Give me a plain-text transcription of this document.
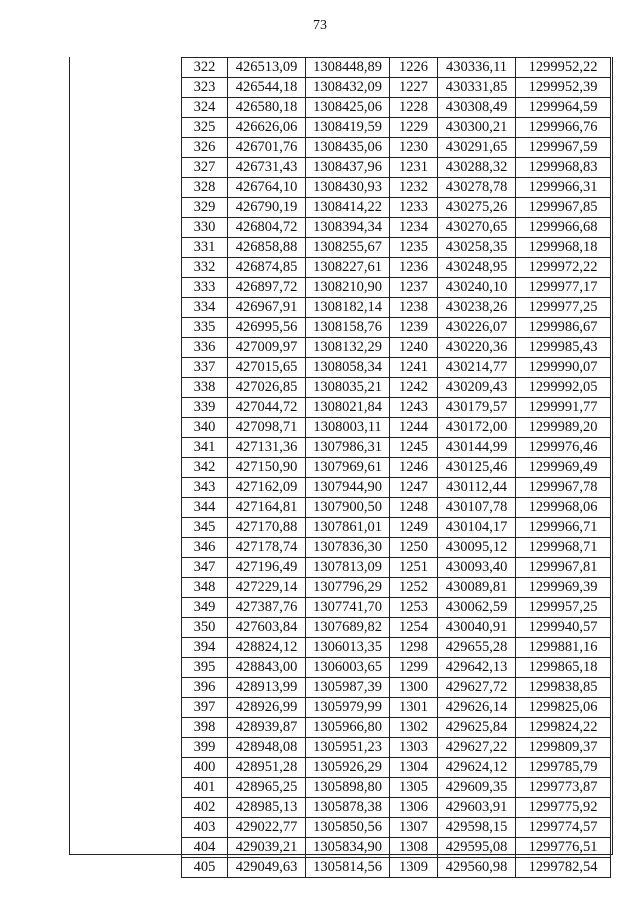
73
322	426513,09	1308448,89	1226	430336,11	1299952,22
323	426544,18	1308432,09	1227	430331,85	1299952,39
324	426580,18	1308425,06	1228	430308,49	1299964,59
325	426626,06	1308419,59	1229	430300,21	1299966,76
326	426701,76	1308435,06	1230	430291,65	1299967,59
327	426731,43	1308437,96	1231	430288,32	1299968,83
328	426764,10	1308430,93	1232	430278,78	1299966,31
329	426790,19	1308414,22	1233	430275,26	1299967,85
330	426804,72	1308394,34	1234	430270,65	1299966,68
331	426858,88	1308255,67	1235	430258,35	1299968,18
332	426874,85	1308227,61	1236	430248,95	1299972,22
333	426897,72	1308210,90	1237	430240,10	1299977,17
334	426967,91	1308182,14	1238	430238,26	1299977,25
335	426995,56	1308158,76	1239	430226,07	1299986,67
336	427009,97	1308132,29	1240	430220,36	1299985,43
337	427015,65	1308058,34	1241	430214,77	1299990,07
338	427026,85	1308035,21	1242	430209,43	1299992,05
339	427044,72	1308021,84	1243	430179,57	1299991,77
340	427098,71	1308003,11	1244	430172,00	1299989,20
341	427131,36	1307986,31	1245	430144,99	1299976,46
342	427150,90	1307969,61	1246	430125,46	1299969,49
343	427162,09	1307944,90	1247	430112,44	1299967,78
344	427164,81	1307900,50	1248	430107,78	1299968,06
345	427170,88	1307861,01	1249	430104,17	1299966,71
346	427178,74	1307836,30	1250	430095,12	1299968,71
347	427196,49	1307813,09	1251	430093,40	1299967,81
348	427229,14	1307796,29	1252	430089,81	1299969,39
349	427387,76	1307741,70	1253	430062,59	1299957,25
350	427603,84	1307689,82	1254	430040,91	1299940,57
394	428824,12	1306013,35	1298	429655,28	1299881,16
395	428843,00	1306003,65	1299	429642,13	1299865,18
396	428913,99	1305987,39	1300	429627,72	1299838,85
397	428926,99	1305979,99	1301	429626,14	1299825,06
398	428939,87	1305966,80	1302	429625,84	1299824,22
399	428948,08	1305951,23	1303	429627,22	1299809,37
400	428951,28	1305926,29	1304	429624,12	1299785,79
401	428965,25	1305898,80	1305	429609,35	1299773,87
402	428985,13	1305878,38	1306	429603,91	1299775,92
403	429022,77	1305850,56	1307	429598,15	1299774,57
404	429039,21	1305834,90	1308	429595,08	1299776,51
405	429049,63	1305814,56	1309	429560,98	1299782,54
